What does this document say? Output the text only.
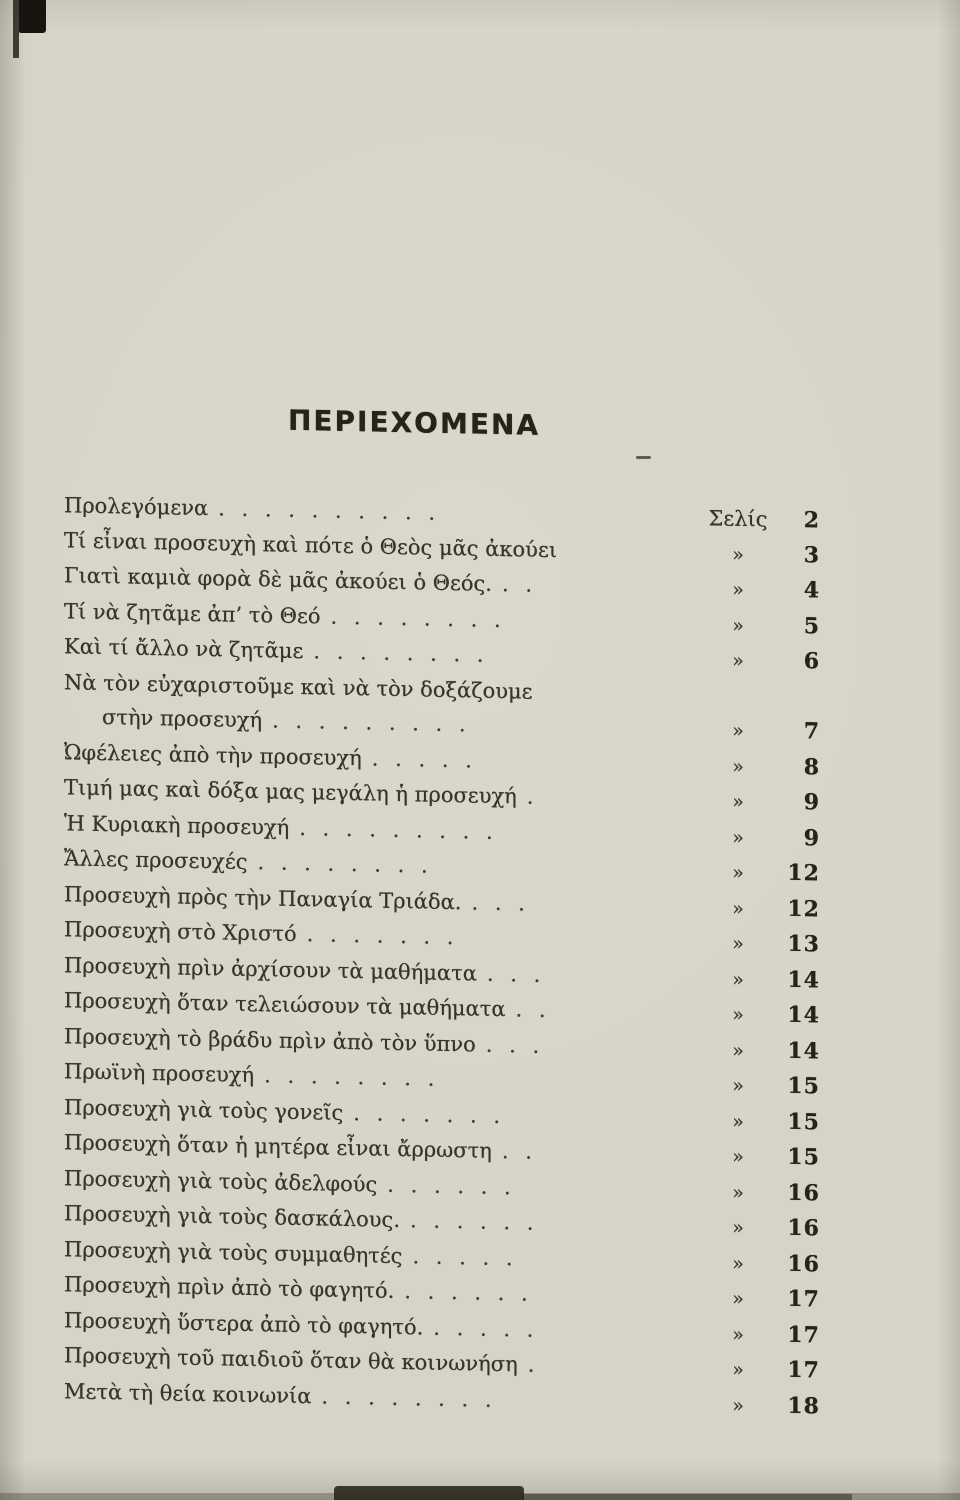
ΠΕΡΙΕΧΟΜΕΝΑ
Προλεγόμενα . . . . . . . . . .	Σελίς	2
Τί εἶναι προσευχὴ καὶ πότε ὁ Θεὸς μᾶς ἀκούει	»	3
Γιατὶ καμιὰ φορὰ δὲ μᾶς ἀκούει ὁ Θεός. . .	»	4
Τί νὰ ζητᾶμε ἀπ’ τὸ Θεό . . . . . . . .	»	5
Καὶ τί ἄλλο νὰ ζητᾶμε . . . . . . . .	»	6
Νὰ τὸν εὐχαριστοῦμε καὶ νὰ τὸν δοξάζουμε
στὴν προσευχή . . . . . . . . .	»	7
Ὠφέλειες ἀπὸ τὴν προσευχή . . . . .	»	8
Τιμή μας καὶ δόξα μας μεγάλη ἡ προσευχή .	»	9
Ἡ Κυριακὴ προσευχή . . . . . . . . .	»	9
Ἄλλες προσευχές . . . . . . . .	»	12
Προσευχὴ πρὸς τὴν Παναγία Τριάδα. . . .	»	12
Προσευχὴ στὸ Χριστό . . . . . . .	»	13
Προσευχὴ πρὶν ἀρχίσουν τὰ μαθήματα . . .	»	14
Προσευχὴ ὅταν τελειώσουν τὰ μαθήματα . .	»	14
Προσευχὴ τὸ βράδυ πρὶν ἀπὸ τὸν ὕπνο . . .	»	14
Πρωϊνὴ προσευχή . . . . . . . .	»	15
Προσευχὴ γιὰ τοὺς γονεῖς . . . . . . .	»	15
Προσευχὴ ὅταν ἡ μητέρα εἶναι ἄρρωστη . .	»	15
Προσευχὴ γιὰ τοὺς ἀδελφούς . . . . . .	»	16
Προσευχὴ γιὰ τοὺς δασκάλους. . . . . . .	»	16
Προσευχὴ γιὰ τοὺς συμμαθητές . . . . .	»	16
Προσευχὴ πρὶν ἀπὸ τὸ φαγητό. . . . . . .	»	17
Προσευχὴ ὕστερα ἀπὸ τὸ φαγητό. . . . . .	»	17
Προσευχὴ τοῦ παιδιοῦ ὅταν θὰ κοινωνήση .	»	17
Μετὰ τὴ θεία κοινωνία . . . . . . . .	»	18
